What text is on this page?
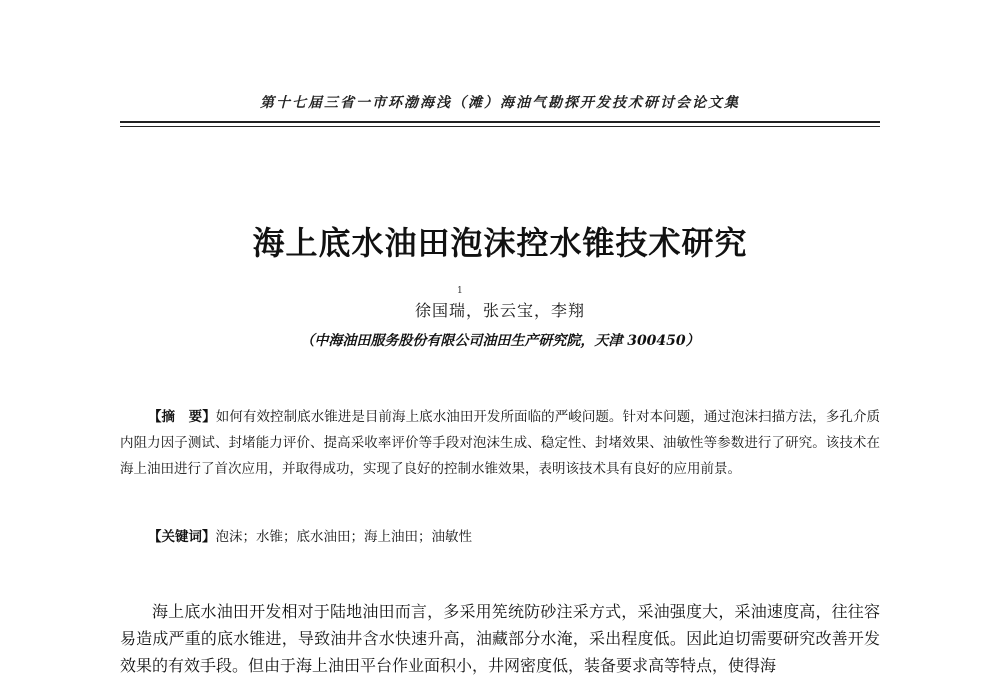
第十七届三省一市环渤海浅（滩）海油气勘探开发技术研讨会论文集
海上底水油田泡沫控水锥技术研究
1
徐国瑞，张云宝，李翔
（中海油田服务股份有限公司油田生产研究院，天津 300450）
【摘　要】如何有效控制底水锥进是目前海上底水油田开发所面临的严峻问题。针对本问题，通过泡沫扫描方法，多孔介质内阻力因子测试、封堵能力评价、提高采收率评价等手段对泡沫生成、稳定性、封堵效果、油敏性等参数进行了研究。该技术在海上油田进行了首次应用，并取得成功，实现了良好的控制水锥效果，表明该技术具有良好的应用前景。
【关键词】泡沫；水锥；底水油田；海上油田；油敏性
海上底水油田开发相对于陆地油田而言，多采用筅统防砂注采方式，采油强度大，采油速度高，往往容易造成严重的底水锥进，导致油井含水快速升高，油藏部分水淹，采出程度低。因此迫切需要研究改善开发效果的有效手段。但由于海上油田平台作业面积小，井网密度低，装备要求高等特点，使得海
